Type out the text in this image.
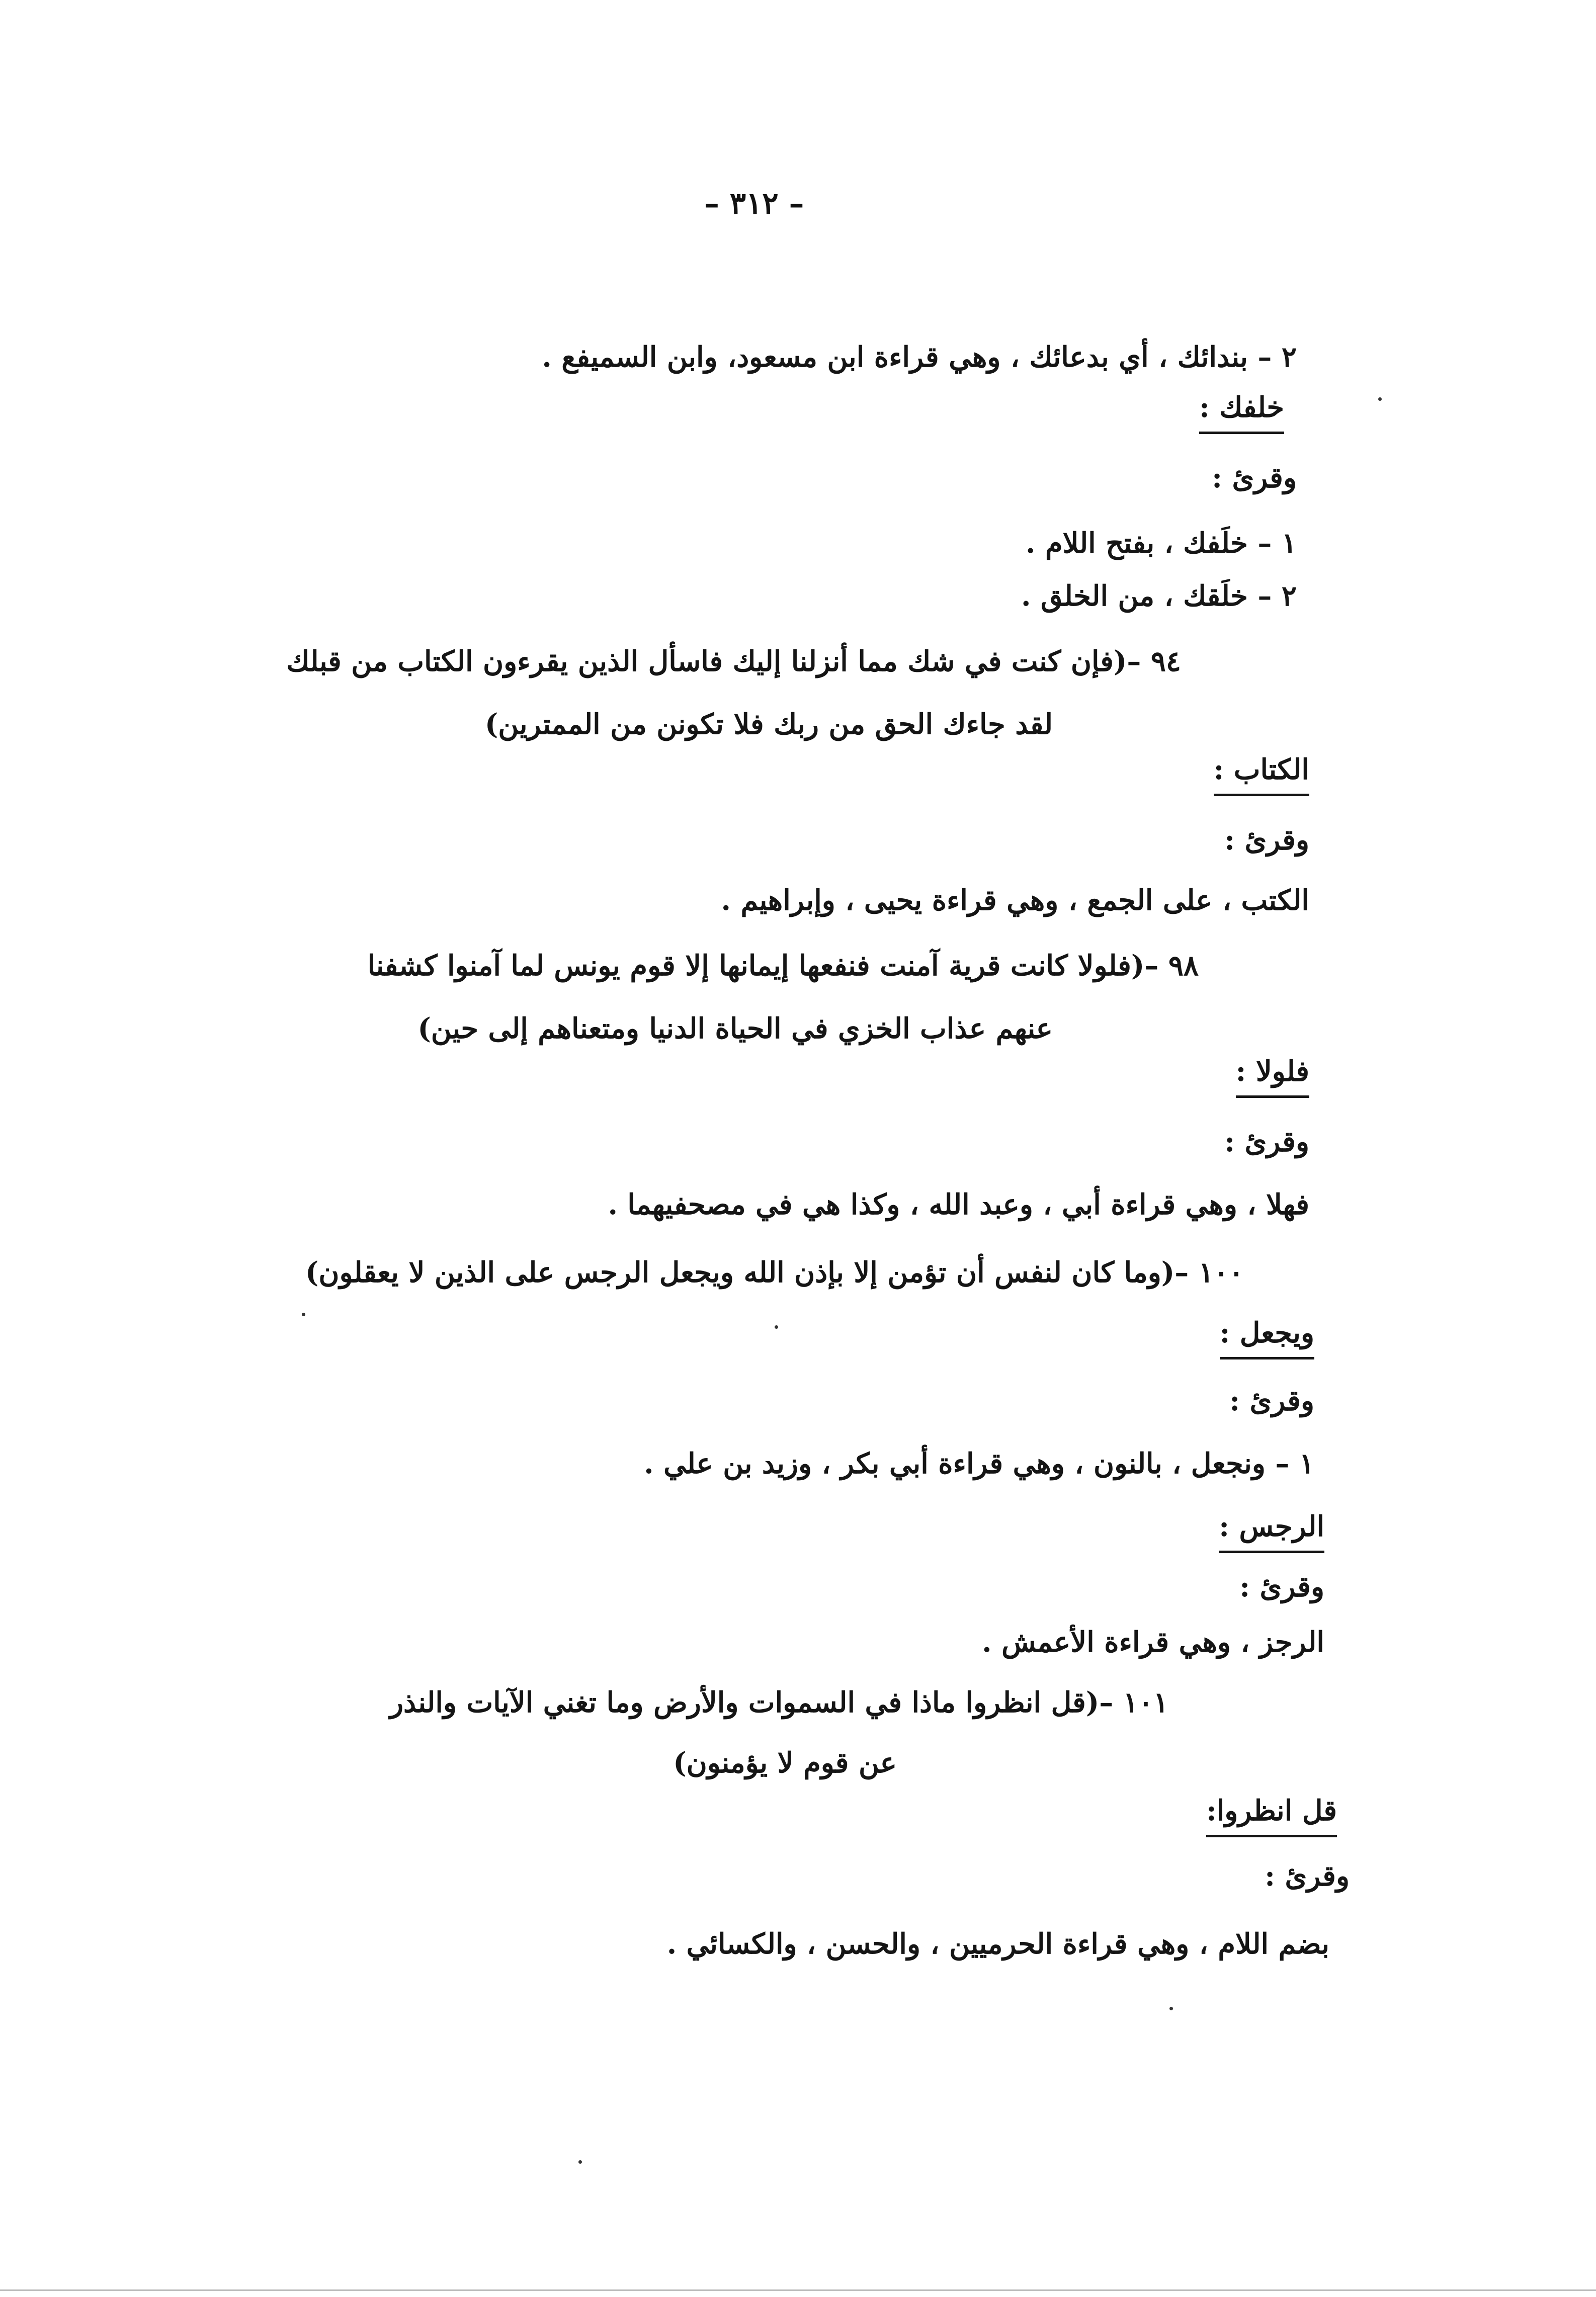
– ٣١٢ –
٢ – بندائك ، أي بدعائك ، وهي قراءة ابن مسعود، وابن السميفع .
خلفك :
وقرئ :
١ – خلَفك ، بفتح اللام .
٢ – خلَقك ، من الخلق .
٩٤ –(فإن كنت في شك مما أنزلنا إليك فاسأل الذين يقرءون الكتاب من قبلك
لقد جاءك الحق من ربك فلا تكونن من الممترين)
الكتاب :
وقرئ :
الكتب ، على الجمع ، وهي قراءة يحيى ، وإبراهيم .
٩٨ –(فلولا كانت قرية آمنت فنفعها إيمانها إلا قوم يونس لما آمنوا كشفنا
عنهم عذاب الخزي في الحياة الدنيا ومتعناهم إلى حين)
فلولا :
وقرئ :
فهلا ، وهي قراءة أبي ، وعبد الله ، وكذا هي في مصحفيهما .
١٠٠ –(وما كان لنفس أن تؤمن إلا بإذن الله ويجعل الرجس على الذين لا يعقلون)
ويجعل :
وقرئ :
١ – ونجعل ، بالنون ، وهي قراءة أبي بكر ، وزيد بن علي .
الرجس :
وقرئ :
الرجز ، وهي قراءة الأعمش .
١٠١ –(قل انظروا ماذا في السموات والأرض وما تغني الآيات والنذر
عن قوم لا يؤمنون)
قل انظروا:
وقرئ :
بضم اللام ، وهي قراءة الحرميين ، والحسن ، والكسائي .
